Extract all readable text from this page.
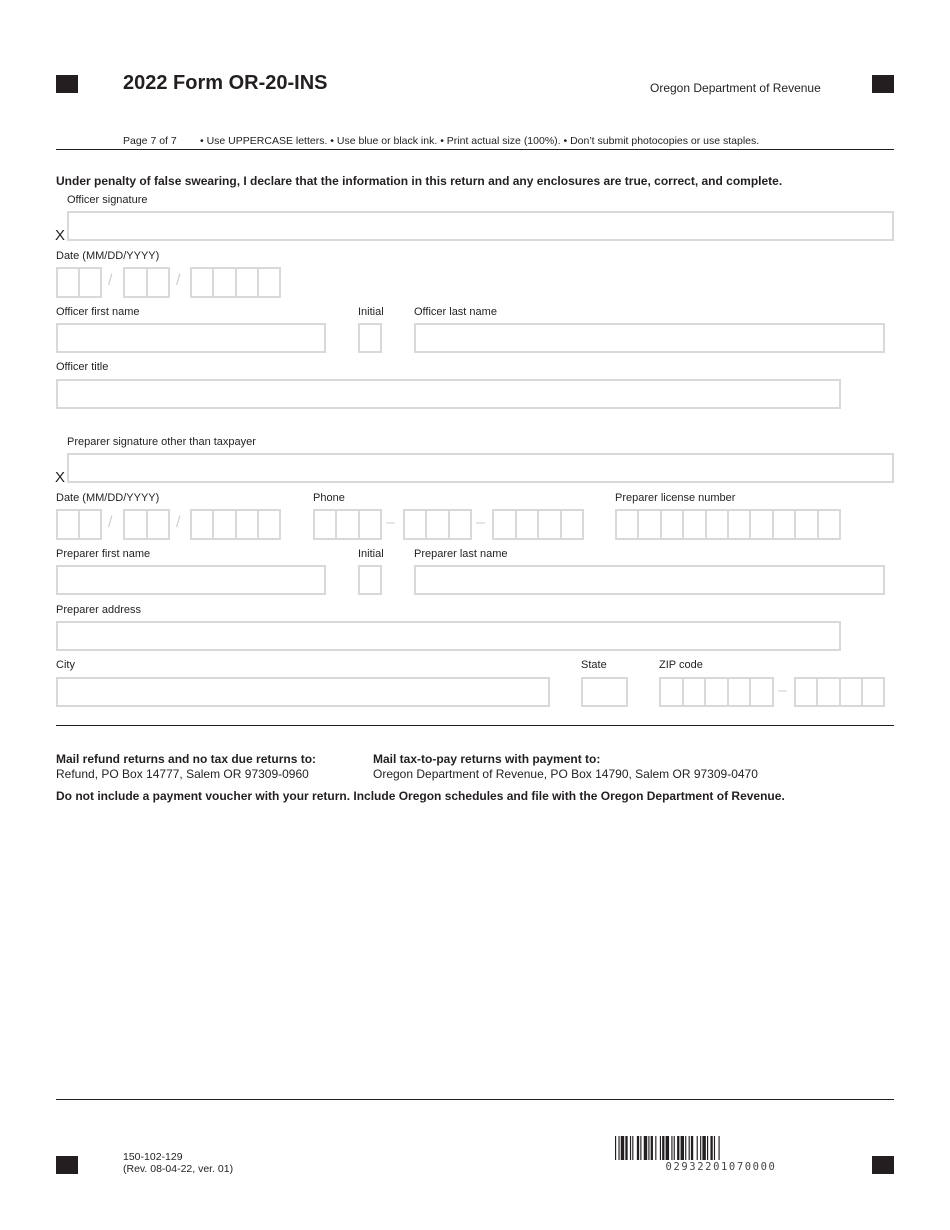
2022 Form OR-20-INS	Oregon Department of Revenue
Page 7 of 7 • Use UPPERCASE letters. • Use blue or black ink. • Print actual size (100%). • Don’t submit photocopies or use staples.
Under penalty of false swearing, I declare that the information in this return and any enclosures are true, correct, and complete.
Officer signature
X
Date (MM/DD/YYYY)
/	/
Officer first name	Initial	Officer last name
Officer title
Preparer signature other than taxpayer
X
Date (MM/DD/YYYY)
/	/
Phone
–	–
Preparer license number
Preparer first name	Initial	Preparer last name
Preparer address
City	State	ZIP code
–
Mail refund returns and no tax due returns to:
Refund, PO Box 14777, Salem OR 97309-0960
Mail tax-to-pay returns with payment to:
Oregon Department of Revenue, PO Box 14790, Salem OR 97309-0470
Do not include a payment voucher with your return. Include Oregon schedules and file with the Oregon Department of Revenue.
150-102-129
(Rev. 08-04-22, ver. 01)	02932201070000
